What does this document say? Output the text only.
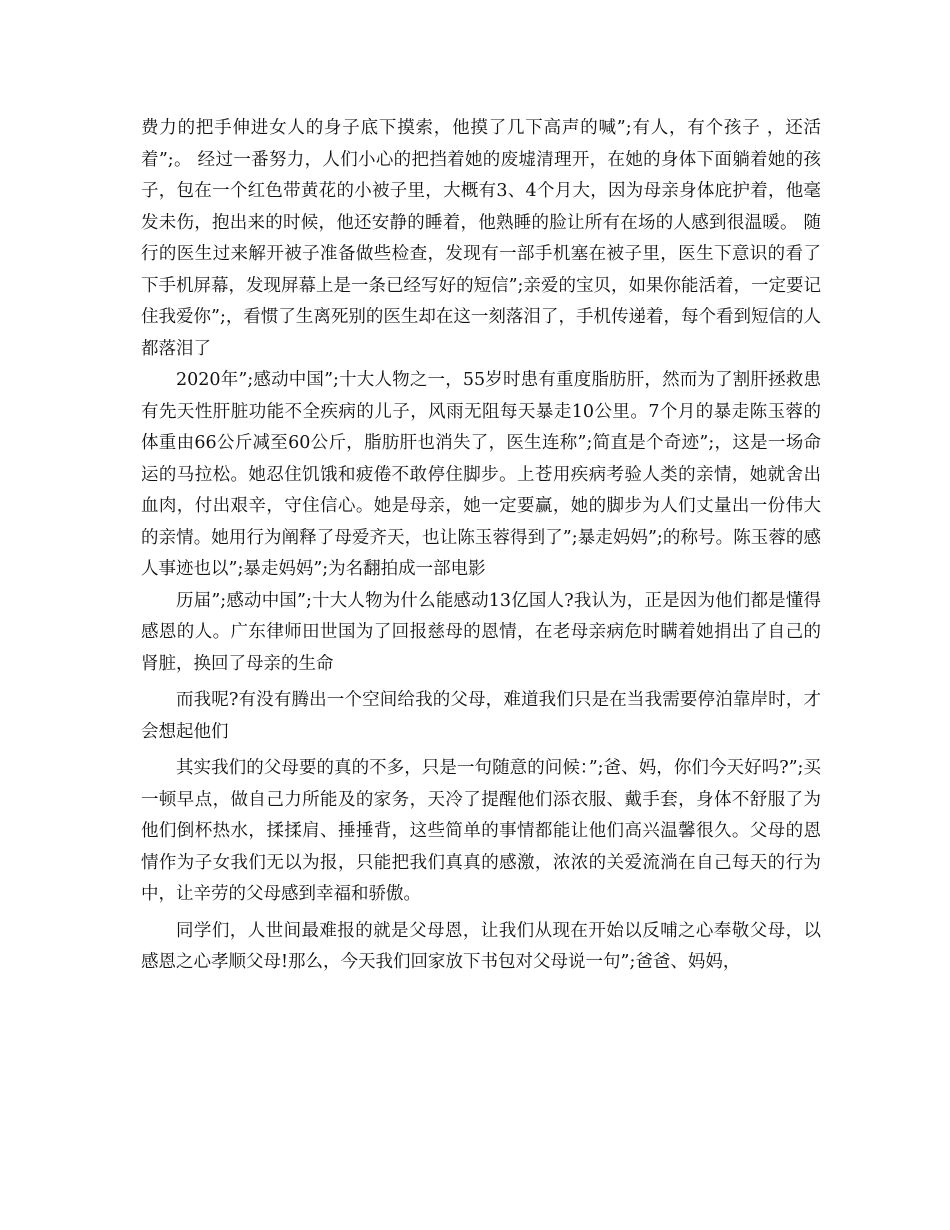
费力的把手伸进女人的身子底下摸索，他摸了几下高声的喊”;有人，有个孩子 ，还活着”;。 经过一番努力，人们小心的把挡着她的废墟清理开，在她的身体下面躺着她的孩子，包在一个红色带黄花的小被子里，大概有3、4个月大，因为母亲身体庇护着，他毫发未伤，抱出来的时候，他还安静的睡着，他熟睡的脸让所有在场的人感到很温暖。 随行的医生过来解开被子准备做些检查，发现有一部手机塞在被子里，医生下意识的看了下手机屏幕，发现屏幕上是一条已经写好的短信”;亲爱的宝贝，如果你能活着，一定要记住我爱你”;，看惯了生离死别的医生却在这一刻落泪了，手机传递着，每个看到短信的人都落泪了

2020年”;感动中国”;十大人物之一，55岁时患有重度脂肪肝，然而为了割肝拯救患有先天性肝脏功能不全疾病的儿子，风雨无阻每天暴走10公里。7个月的暴走陈玉蓉的体重由66公斤减至60公斤，脂肪肝也消失了，医生连称”;简直是个奇迹”;，这是一场命运的马拉松。她忍住饥饿和疲倦不敢停住脚步。上苍用疾病考验人类的亲情，她就舍出血肉，付出艰辛，守住信心。她是母亲，她一定要赢，她的脚步为人们丈量出一份伟大的亲情。她用行为阐释了母爱齐天，也让陈玉蓉得到了”;暴走妈妈”;的称号。陈玉蓉的感人事迹也以”;暴走妈妈”;为名翻拍成一部电影

历届”;感动中国”;十大人物为什么能感动13亿国人?我认为，正是因为他们都是懂得感恩的人。广东律师田世国为了回报慈母的恩情，在老母亲病危时瞒着她捐出了自己的肾脏，换回了母亲的生命

而我呢?有没有腾出一个空间给我的父母，难道我们只是在当我需要停泊靠岸时，才会想起他们

其实我们的父母要的真的不多，只是一句随意的问候：”;爸、妈，你们今天好吗?”;买一顿早点，做自己力所能及的家务，天冷了提醒他们添衣服、戴手套，身体不舒服了为他们倒杯热水，揉揉肩、捶捶背，这些简单的事情都能让他们高兴温馨很久。父母的恩情作为子女我们无以为报，只能把我们真真的感激，浓浓的关爱流淌在自己每天的行为中，让辛劳的父母感到幸福和骄傲。

同学们，人世间最难报的就是父母恩，让我们从现在开始以反哺之心奉敬父母，以感恩之心孝顺父母!那么，今天我们回家放下书包对父母说一句”;爸爸、妈妈，
